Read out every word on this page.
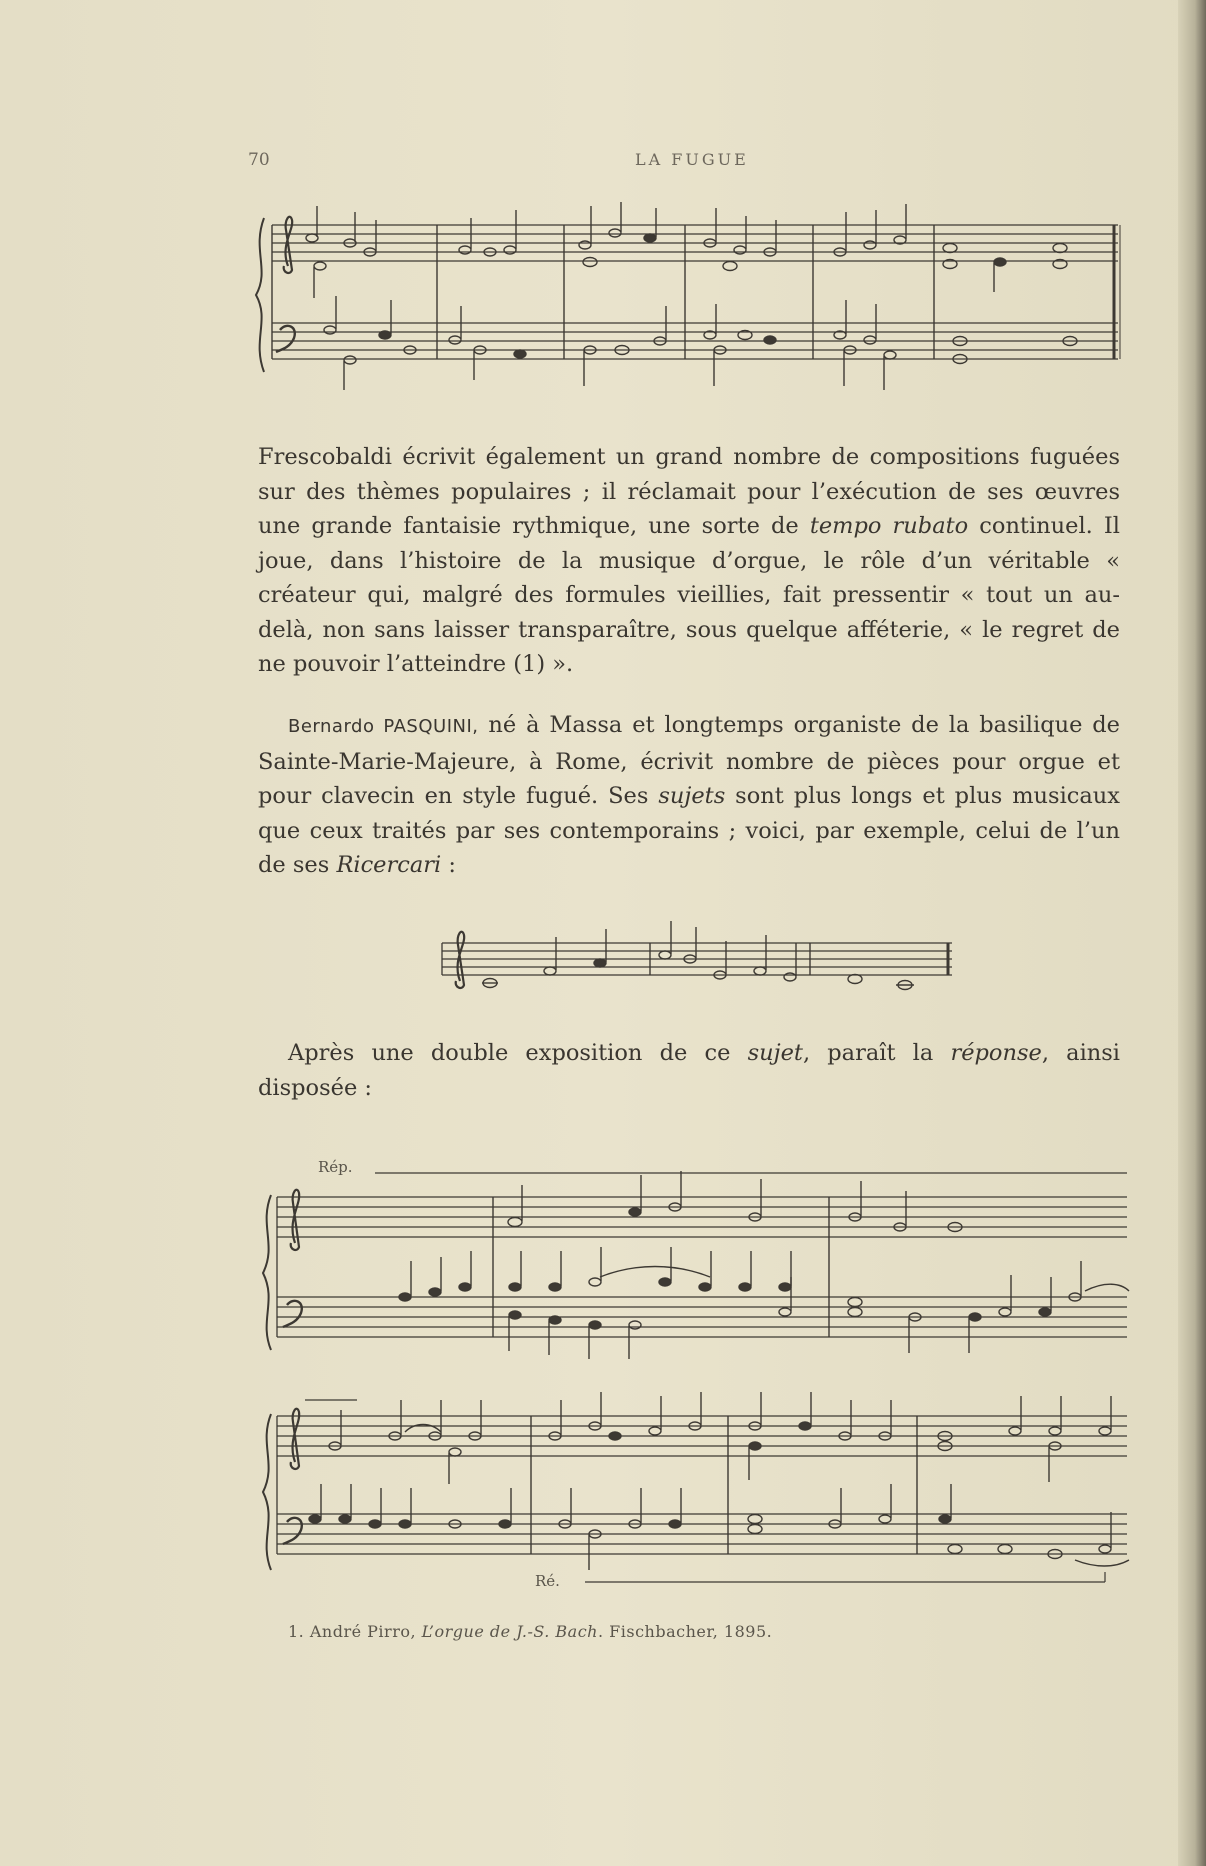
70	LA FUGUE

Frescobaldi écrivit également un grand nombre de compositions fuguées sur des thèmes populaires ; il réclamait pour l’exécution de ses œuvres une grande fantaisie rythmique, une sorte de tempo rubato continuel. Il joue, dans l’histoire de la musique d’orgue, le rôle d’un véritable « créateur qui, malgré des formules vieillies, fait pressentir « tout un au-delà, non sans laisser transparaître, sous quelque afféterie, « le regret de ne pouvoir l’atteindre (1) ».

Bernardo PASQUINI, né à Massa et longtemps organiste de la basilique de Sainte-Marie-Majeure, à Rome, écrivit nombre de pièces pour orgue et pour clavecin en style fugué. Ses sujets sont plus longs et plus musicaux que ceux traités par ses contemporains ; voici, par exemple, celui de l’un de ses Ricercari :

Après une double exposition de ce sujet, paraît la réponse, ainsi disposée :

Rép.
Ré.
1. André Pirro, L’orgue de J.-S. Bach. Fischbacher, 1895.
